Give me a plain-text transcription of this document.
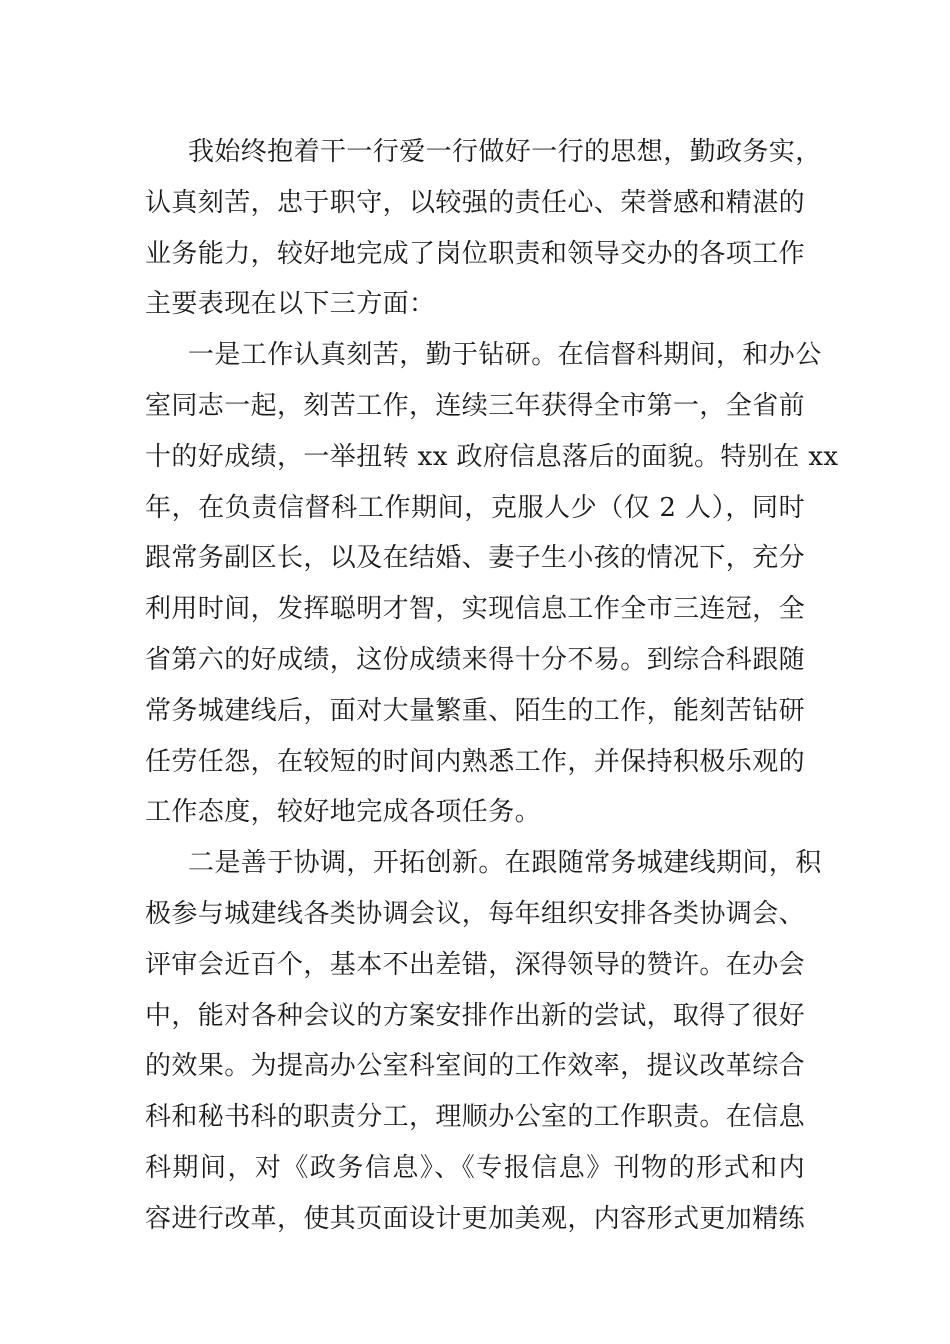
我始终抱着干一行爱一行做好一行的思想，勤政务实，
认真刻苦，忠于职守，以较强的责任心、荣誉感和精湛的
业务能力，较好地完成了岗位职责和领导交办的各项工作
主要表现在以下三方面：
一是工作认真刻苦，勤于钻研。在信督科期间，和办公
室同志一起，刻苦工作，连续三年获得全市第一，全省前
十的好成绩，一举扭转 xx 政府信息落后的面貌。特别在 xx
年，在负责信督科工作期间，克服人少（仅 2 人），同时
跟常务副区长，以及在结婚、妻子生小孩的情况下，充分
利用时间，发挥聪明才智，实现信息工作全市三连冠，全
省第六的好成绩，这份成绩来得十分不易。到综合科跟随
常务城建线后，面对大量繁重、陌生的工作，能刻苦钻研
任劳任怨，在较短的时间内熟悉工作，并保持积极乐观的
工作态度，较好地完成各项任务。
二是善于协调，开拓创新。在跟随常务城建线期间，积
极参与城建线各类协调会议，每年组织安排各类协调会、
评审会近百个，基本不出差错，深得领导的赞许。在办会
中，能对各种会议的方案安排作出新的尝试，取得了很好
的效果。为提高办公室科室间的工作效率，提议改革综合
科和秘书科的职责分工，理顺办公室的工作职责。在信息
科期间，对《政务信息》、《专报信息》刊物的形式和内
容进行改革，使其页面设计更加美观，内容形式更加精练
